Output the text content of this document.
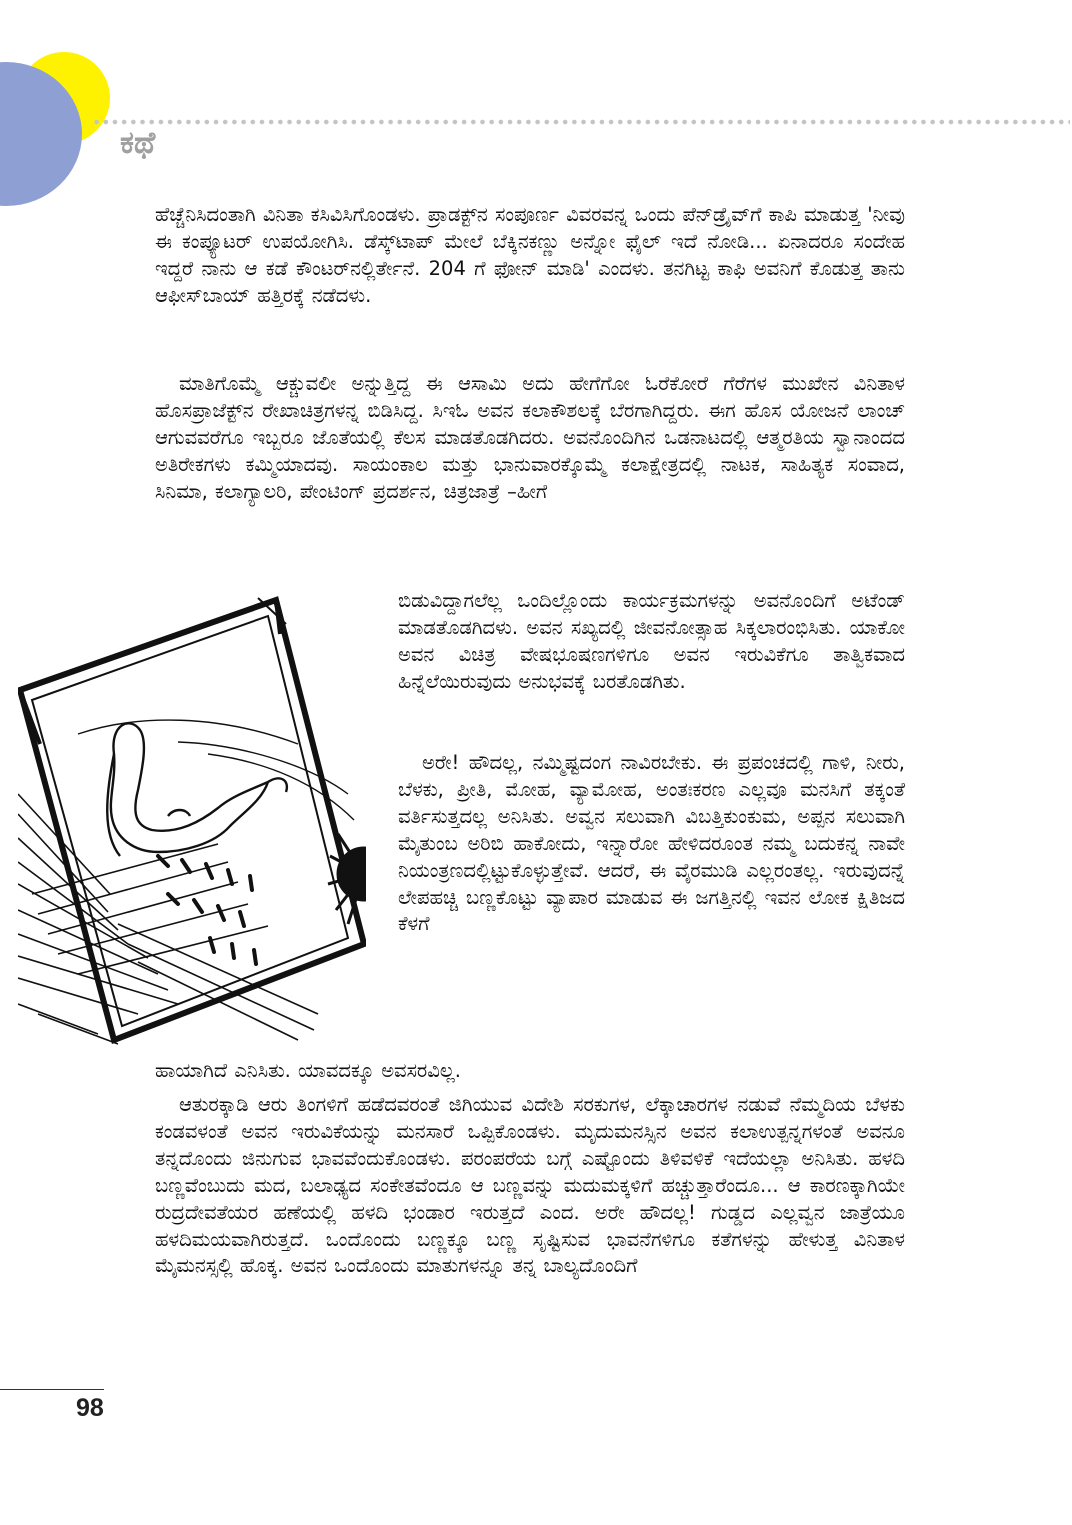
ಕಥೆ

ಹೆಚ್ಚೆನಿಸಿದಂತಾಗಿ ವಿನಿತಾ ಕಸಿವಿಸಿಗೊಂಡಳು. ಪ್ರಾಡಕ್ಟ್‌ನ ಸಂಪೂರ್ಣ ವಿವರವನ್ನ ಒಂದು ಪೆನ್‌ಡ್ರೈವ್‌ಗೆ ಕಾಪಿ ಮಾಡುತ್ತ 'ನೀವು ಈ ಕಂಪ್ಯೂಟರ್ ಉಪಯೋಗಿಸಿ. ಡೆಸ್ಕ್‌ಟಾಪ್ ಮೇಲೆ ಬೆಕ್ಕಿನಕಣ್ಣು ಅನ್ನೋ ಫೈಲ್ ಇದೆ ನೋಡಿ... ಏನಾದರೂ ಸಂದೇಹ ಇದ್ದರೆ ನಾನು ಆ ಕಡೆ ಕೌಂಟರ್‌ನಲ್ಲಿರ್ತೇನೆ. 204 ಗೆ ಫೋನ್ ಮಾಡಿ' ಎಂದಳು. ತನಗಿಟ್ಟ ಕಾಫಿ ಅವನಿಗೆ ಕೊಡುತ್ತ ತಾನು ಆಫೀಸ್‌ಬಾಯ್ ಹತ್ತಿರಕ್ಕೆ ನಡೆದಳು.

ಮಾತಿಗೊಮ್ಮೆ ಆಕ್ಚುವಲೀ ಅನ್ನುತ್ತಿದ್ದ ಈ ಆಸಾಮಿ ಅದು ಹೇಗೆಗೋ ಓರೆಕೋರೆ ಗೆರೆಗಳ ಮುಖೇನ ವಿನಿತಾಳ ಹೊಸಪ್ರಾಜೆಕ್ಟ್‌ನ ರೇಖಾಚಿತ್ರಗಳನ್ನ ಬಿಡಿಸಿದ್ದ. ಸಿಇಓ ಅವನ ಕಲಾಕೌಶಲಕ್ಕೆ ಬೆರಗಾಗಿದ್ದರು. ಈಗ ಹೊಸ ಯೋಜನೆ ಲಾಂಚ್ ಆಗುವವರೆಗೂ ಇಬ್ಬರೂ ಜೊತೆಯಲ್ಲಿ ಕೆಲಸ ಮಾಡತೊಡಗಿದರು. ಅವನೊಂದಿಗಿನ ಒಡನಾಟದಲ್ಲಿ ಆತ್ಮರತಿಯ ಸ್ವಾನಾಂದದ ಅತಿರೇಕಗಳು ಕಮ್ಮಿಯಾದವು. ಸಾಯಂಕಾಲ ಮತ್ತು ಭಾನುವಾರಕ್ಕೊಮ್ಮೆ ಕಲಾಕ್ಷೇತ್ರದಲ್ಲಿ ನಾಟಕ, ಸಾಹಿತ್ಯಕ ಸಂವಾದ, ಸಿನಿಮಾ, ಕಲಾಗ್ಯಾಲರಿ, ಪೇಂಟಿಂಗ್ ಪ್ರದರ್ಶನ, ಚಿತ್ರಜಾತ್ರೆ –ಹೀಗೆ

ಬಿಡುವಿದ್ದಾಗಲೆಲ್ಲ ಒಂದಿಲ್ಲೊಂದು ಕಾರ್ಯಕ್ರಮಗಳನ್ನು ಅವನೊಂದಿಗೆ ಅಟೆಂಡ್ ಮಾಡತೊಡಗಿದಳು. ಅವನ ಸಖ್ಯದಲ್ಲಿ ಜೀವನೋತ್ಸಾಹ ಸಿಕ್ಕಲಾರಂಭಿಸಿತು. ಯಾಕೋ ಅವನ ವಿಚಿತ್ರ ವೇಷಭೂಷಣಗಳಿಗೂ ಅವನ ಇರುವಿಕೆಗೂ ತಾತ್ವಿಕವಾದ ಹಿನ್ನೆಲೆಯಿರುವುದು ಅನುಭವಕ್ಕೆ ಬರತೊಡಗಿತು.

ಅರೇ! ಹೌದಲ್ಲ, ನಮ್ಮಿಷ್ಟದಂಗ ನಾವಿರಬೇಕು. ಈ ಪ್ರಪಂಚದಲ್ಲಿ ಗಾಳಿ, ನೀರು, ಬೆಳಕು, ಪ್ರೀತಿ, ಮೋಹ, ವ್ಯಾಮೋಹ, ಅಂತಃಕರಣ ಎಲ್ಲವೂ ಮನಸಿಗೆ ತಕ್ಕಂತೆ ವರ್ತಿಸುತ್ತದಲ್ಲ ಅನಿಸಿತು. ಅವ್ವನ ಸಲುವಾಗಿ ವಿಬತ್ತಿಕುಂಕುಮ, ಅಪ್ಪನ ಸಲುವಾಗಿ ಮೈತುಂಬ ಅರಿಬಿ ಹಾಕೋದು, ಇನ್ನಾರೋ ಹೇಳಿದರೂಂತ ನಮ್ಮ ಬದುಕನ್ನ ನಾವೇ ನಿಯಂತ್ರಣದಲ್ಲಿಟ್ಟುಕೊಳ್ಳುತ್ತೇವೆ. ಆದರೆ, ಈ ವೈರಮುಡಿ ಎಲ್ಲರಂತಲ್ಲ. ಇರುವುದನ್ನೆ ಲೇಪಹಚ್ಚಿ ಬಣ್ಣಕೊಟ್ಟು ವ್ಯಾಪಾರ ಮಾಡುವ ಈ ಜಗತ್ತಿನಲ್ಲಿ ಇವನ ಲೋಕ ಕ್ಷಿತಿಜದ ಕೆಳಗೆ

ಹಾಯಾಗಿದೆ ಎನಿಸಿತು. ಯಾವದಕ್ಕೂ ಅವಸರವಿಲ್ಲ.

ಆತುರಕ್ಕಾಡಿ ಆರು ತಿಂಗಳಿಗೆ ಹಡೆದವರಂತೆ ಜಿಗಿಯುವ ವಿದೇಶಿ ಸರಕುಗಳ, ಲೆಕ್ಕಾಚಾರಗಳ ನಡುವೆ ನೆಮ್ಮದಿಯ ಬೆಳಕು ಕಂಡವಳಂತೆ ಅವನ ಇರುವಿಕೆಯನ್ನು ಮನಸಾರೆ ಒಪ್ಪಿಕೊಂಡಳು. ಮೃದುಮನಸ್ಸಿನ ಅವನ ಕಲಾಉತ್ಪನ್ನಗಳಂತೆ ಅವನೂ ತನ್ನದೊಂದು ಜಿನುಗುವ ಭಾವವೆಂದುಕೊಂಡಳು. ಪರಂಪರೆಯ ಬಗ್ಗೆ ಎಷ್ಟೊಂದು ತಿಳಿವಳಿಕೆ ಇದೆಯಲ್ಲಾ ಅನಿಸಿತು. ಹಳದಿ ಬಣ್ಣವೆಂಬುದು ಮದ, ಬಲಾಢ್ಯದ ಸಂಕೇತವೆಂದೂ ಆ ಬಣ್ಣವನ್ನು ಮದುಮಕ್ಕಳಿಗೆ ಹಚ್ಚುತ್ತಾರೆಂದೂ... ಆ ಕಾರಣಕ್ಕಾಗಿಯೇ ರುದ್ರದೇವತೆಯರ ಹಣೆಯಲ್ಲಿ ಹಳದಿ ಭಂಡಾರ ಇರುತ್ತದೆ ಎಂದ. ಅರೇ ಹೌದಲ್ಲ! ಗುಡ್ಡದ ಎಲ್ಲವ್ವನ ಜಾತ್ರೆಯೂ ಹಳದಿಮಯವಾಗಿರುತ್ತದೆ. ಒಂದೊಂದು ಬಣ್ಣಕ್ಕೂ ಬಣ್ಣ ಸೃಷ್ಟಿಸುವ ಭಾವನೆಗಳಿಗೂ ಕತೆಗಳನ್ನು ಹೇಳುತ್ತ ವಿನಿತಾಳ ಮೈಮನಸ್ಸಲ್ಲಿ ಹೊಕ್ಕ. ಅವನ ಒಂದೊಂದು ಮಾತುಗಳನ್ನೂ ತನ್ನ ಬಾಲ್ಯದೊಂದಿಗೆ

98
